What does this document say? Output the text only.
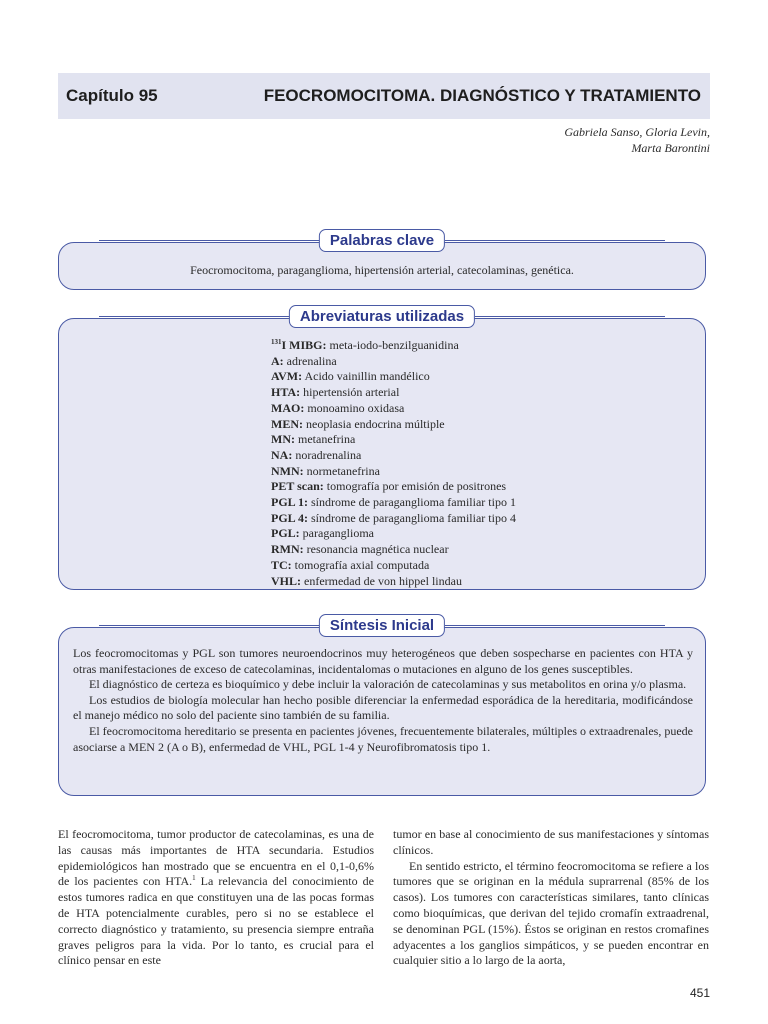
Capítulo 95	FEOCROMOCITOMA. DIAGNÓSTICO Y TRATAMIENTO
Gabriela Sanso, Gloria Levin,
Marta Barontini
Palabras clave
Feocromocitoma, paraganglioma, hipertensión arterial, catecolaminas, genética.
Abreviaturas utilizadas
$^{131}$I MIBG: meta-iodo-benzilguanidina
A: adrenalina
AVM: Acido vainillin mandélico
HTA: hipertensión arterial
MAO: monoamino oxidasa
MEN: neoplasia endocrina múltiple
MN: metanefrina
NA: noradrenalina
NMN: normetanefrina
PET scan: tomografía por emisión de positrones
PGL 1: síndrome de paraganglioma familiar tipo 1
PGL 4: síndrome de paraganglioma familiar tipo 4
PGL: paraganglioma
RMN: resonancia magnética nuclear
TC: tomografía axial computada
VHL: enfermedad de von hippel lindau
Síntesis Inicial

Los feocromocitomas y PGL son tumores neuroendocrinos muy heterogéneos que deben sospecharse en pacientes con HTA y otras manifestaciones de exceso de catecolaminas, incidentalomas o mutaciones en alguno de los genes susceptibles.

El diagnóstico de certeza es bioquímico y debe incluir la valoración de catecolaminas y sus metabolitos en orina y/o plasma.

Los estudios de biología molecular han hecho posible diferenciar la enfermedad esporádica de la hereditaria, modificándose el manejo médico no solo del paciente sino también de su familia.

El feocromocitoma hereditario se presenta en pacientes jóvenes, frecuentemente bilaterales, múltiples o extraadrenales, puede asociarse a MEN 2 (A o B), enfermedad de VHL, PGL 1-4 y Neurofibromatosis tipo 1.

El feocromocitoma, tumor productor de catecolaminas, es una de las causas más importantes de HTA secundaria. Estudios epidemiológicos han mostrado que se encuentra en el 0,1-0,6% de los pacientes con HTA.$^1$ La relevancia del conocimiento de estos tumores radica en que constituyen una de las pocas formas de HTA potencialmente curables, pero si no se establece el correcto diagnóstico y tratamiento, su presencia siempre entraña graves peligros para la vida. Por lo tanto, es crucial para el clínico pensar en este

tumor en base al conocimiento de sus manifestaciones y síntomas clínicos.

En sentido estricto, el término feocromocitoma se refiere a los tumores que se originan en la médula suprarrenal (85% de los casos). Los tumores con características similares, tanto clínicas como bioquímicas, que derivan del tejido cromafín extraadrenal, se denominan PGL (15%). Éstos se originan en restos cromafines adyacentes a los ganglios simpáticos, y se pueden encontrar en cualquier sitio a lo largo de la aorta,

451
